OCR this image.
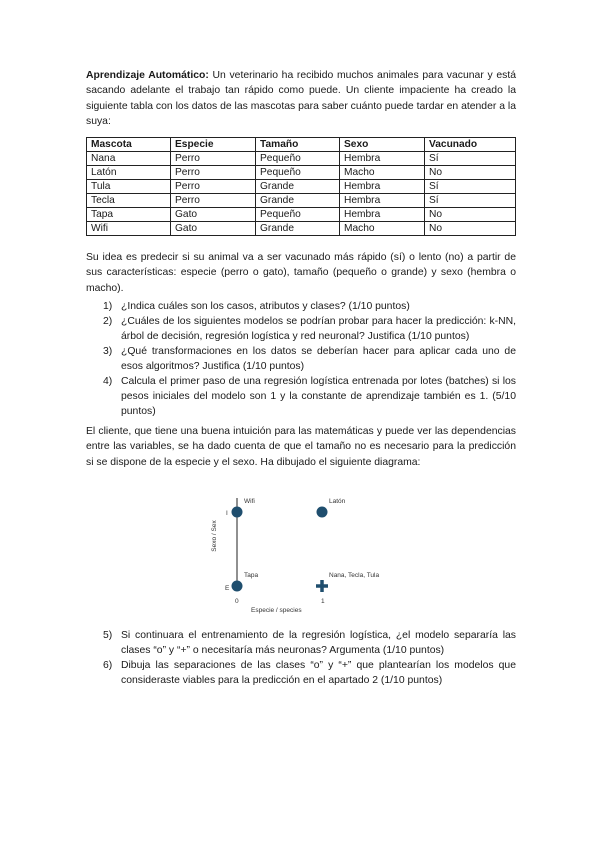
Aprendizaje Automático: Un veterinario ha recibido muchos animales para vacunar y está sacando adelante el trabajo tan rápido como puede. Un cliente impaciente ha creado la siguiente tabla con los datos de las mascotas para saber cuánto puede tardar en atender a la suya:

Mascota	Especie	Tamaño	Sexo	Vacunado
Nana	Perro	Pequeño	Hembra	Sí
Latón	Perro	Pequeño	Macho	No
Tula	Perro	Grande	Hembra	Sí
Tecla	Perro	Grande	Hembra	Sí
Tapa	Gato	Pequeño	Hembra	No
Wifi	Gato	Grande	Macho	No

Su idea es predecir si su animal va a ser vacunado más rápido (sí) o lento (no) a partir de sus características: especie (perro o gato), tamaño (pequeño o grande) y sexo (hembra o macho).

1) ¿Indica cuáles son los casos, atributos y clases? (1/10 puntos)
2) ¿Cuáles de los siguientes modelos se podrían probar para hacer la predicción: k-NN, árbol de decisión, regresión logística y red neuronal? Justifica (1/10 puntos)
3) ¿Qué transformaciones en los datos se deberían hacer para aplicar cada uno de esos algoritmos? Justifica (1/10 puntos)
4) Calcula el primer paso de una regresión logística entrenada por lotes (batches) si los pesos iniciales del modelo son 1 y la constante de aprendizaje también es 1. (5/10 puntos)

El cliente, que tiene una buena intuición para las matemáticas y puede ver las dependencias entre las variables, se ha dado cuenta de que el tamaño no es necesario para la predicción si se dispone de la especie y el sexo. Ha dibujado el siguiente diagrama:

Sexo / Sex
I
E
0	1
Especie / species
Wifi	Latón
Tapa	Nana, Tecla, Tula
5) Si continuara el entrenamiento de la regresión logística, ¿el modelo separaría las clases “o” y “+” o necesitaría más neuronas? Argumenta (1/10 puntos)
6) Dibuja las separaciones de las clases “o” y “+” que plantearían los modelos que consideraste viables para la predicción en el apartado 2 (1/10 puntos)
